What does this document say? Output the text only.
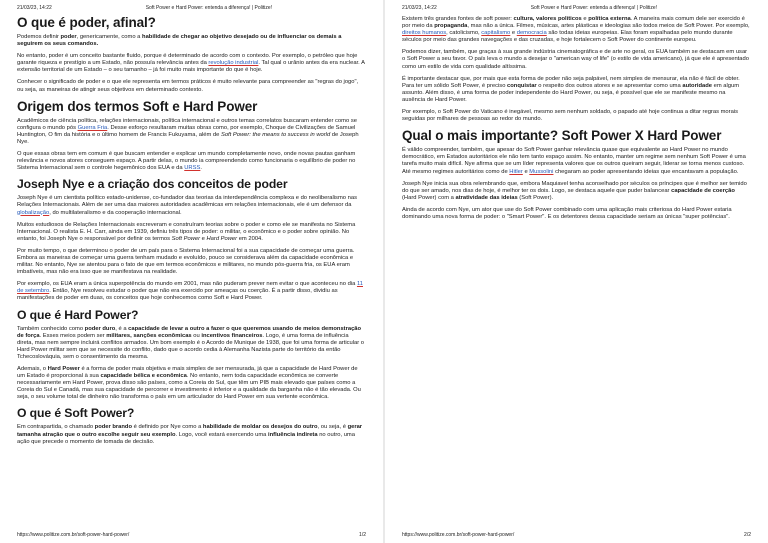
21/03/23, 14:22	Soft Power e Hard Power: entenda a diferença! | Politize!
O que é poder, afinal?

Podemos definir poder, genericamente, como a habilidade de chegar ao objetivo desejado ou de influenciar os demais a seguirem os seus comandos.

No entanto, poder é um conceito bastante fluido, porque é determinado de acordo com o contexto. Por exemplo, o petróleo que hoje garante riqueza e prestígio a um Estado, não possuía relevância antes da revolução industrial. Tal qual o urânio antes da era nuclear. A extensão territorial de um Estado – o seu tamanho – já foi muito mais importante do que é hoje.

Conhecer o significado de poder e o que ele representa em termos práticos é muito relevante para compreender as "regras do jogo", ou seja, as maneiras de atingir seus objetivos em determinado contexto.

Origem dos termos Soft e Hard Power

Acadêmicos de ciência política, relações internacionais, política internacional e outros temas correlatos buscaram entender como se configura o mundo pós Guerra Fria. Desse esforço resultaram muitas obras como, por exemplo, Choque de Civilizações de Samuel Huntington, O fim da história e o último homem de Francis Fukuyama, além de Soft Power: the means to success in world de Joseph Nye.

O que essas obras tem em comum é que buscam entender e explicar um mundo completamente novo, onde novas pautas ganham relevância e novos atores conseguem espaço. A partir delas, o mundo ia compreendendo como funcionaria o equilíbrio de poder no Sistema Internacional sem o controle hegemônico dos EUA e da URSS.

Joseph Nye e a criação dos conceitos de poder

Joseph Nye é um cientista político estado-unidense, co-fundador das teorias da interdependência complexa e do neoliberalismo nas Relações Internacionais. Além de ser uma das maiores autoridades acadêmicas em relações internacionais, ele é um defensor da globalização, do multilateralismo e da cooperação internacional.

Muitos estudiosos de Relações Internacionais escreveram e construíram teorias sobre o poder e como ele se manifesta no Sistema Internacional. O realista E. H. Carr, ainda em 1939, definiu três tipos de poder: o militar, o econômico e o poder sobre opinião. No entanto, foi Joseph Nye o responsável por definir os termos Soft Power e Hard Power em 2004.

Por muito tempo, o que determinou o poder de um país para o Sistema Internacional foi a sua capacidade de começar uma guerra. Embora as maneiras de começar uma guerra tenham mudado e evoluído, pouco se considerava além da capacidade econômica e militar. No entanto, Nye se atentou para o fato de que em termos econômicos e militares, no mundo pós-guerra fria, os EUA eram imbatíveis, mas não era isso que se manifestava na realidade.

Por exemplo, os EUA eram a única superpotência do mundo em 2001, mas não puderam prever nem evitar o que aconteceu no dia 11 de setembro. Então, Nye resolveu estudar o poder que não era exercido por ameaças ou coerção. É a partir disso, dividiu as manifestações de poder em duas, os conceitos que hoje conhecemos como Soft e Hard Power.

O que é Hard Power?

Também conhecido como poder duro, é a capacidade de levar a outro a fazer o que queremos usando de meios demonstração de força. Esses meios podem ser militares, sanções econômicas ou incentivos financeiros. Logo, é uma forma de influência direta, mas nem sempre incluirá conflitos armados. Um bom exemplo é o Acordo de Munique de 1938, que foi uma forma de articular o Hard Power militar sem que se necessite do conflito, dado que o acordo cedia à Alemanha Nazista parte do território da então Tchecoslováquia, sem o consentimento da mesma.

Ademais, o Hard Power é a forma de poder mais objetiva e mais simples de ser mensurada, já que a capacidade de Hard Power de um Estado é proporcional à sua capacidade bélica e econômica. No entanto, nem toda capacidade econômica se converte necessariamente em Hard Power, prova disso são países, como a Coreia do Sul, que têm um PIB mais elevado que países como a Coreia do Sul e Canadá, mas sua capacidade de percorrer e investimento é inferior e a qualidade da barganha não é tão elevada. Ou seja, o seu volume total de dinheiro não transforma o país em um articulador do Hard Power em sua vertente econômica.

O que é Soft Power?

Em contrapartida, o chamado poder brando é definido por Nye como a habilidade de moldar os desejos do outro, ou seja, é gerar tamanha atração que o outro escolhe seguir seu exemplo. Logo, você estará exercendo uma influência indireta no outro, uma ação que precede o momento de tomada de decisão.

https://www.politize.com.br/soft-power-hard-power/	1/2
21/03/23, 14:22	Soft Power e Hard Power: entenda a diferença! | Politize!

Existem três grandes fontes de soft power: cultura, valores políticos e política externa. A maneira mais comum dele ser exercido é por meio da propaganda, mas não a única. Filmes, músicas, artes plásticas e ideologias são todos meios de Soft Power. Por exemplo, direitos humanos, catolicismo, capitalismo e democracia são todas ideias europeias. Elas foram espalhadas pelo mundo durante séculos por meio das grandes navegações e das cruzadas, e hoje fortalecem o Soft Power do continente europeu.

Podemos dizer, também, que graças à sua grande indústria cinematográfica e de arte no geral, os EUA também se destacam em usar o Soft Power a seu favor. O país leva o mundo a desejar o "american way of life" (o estilo de vida americano), já que ele é apresentado como um estilo de vida com qualidade altíssima.

É importante destacar que, por mais que esta forma de poder não seja palpável, nem simples de mensurar, ela não é fácil de obter. Para ter um sólido Soft Power, é preciso conquistar o respeito dos outros atores e se apresentar como uma autoridade em algum assunto. Além disso, é uma forma de poder independente do Hard Power, ou seja, é possível que ele se manifeste mesmo na ausência de Hard Power.

Por exemplo, o Soft Power do Vaticano é inegável, mesmo sem nenhum soldado, o papado até hoje continua a ditar regras morais seguidas por milhares de pessoas ao redor do mundo.

Qual o mais importante? Soft Power X Hard Power

É válido compreender, também, que apesar do Soft Power ganhar relevância quase que equivalente ao Hard Power no mundo democrático, em Estados autoritários ele não tem tanto espaço assim. No entanto, manter um regime sem nenhum Soft Power é uma tarefa muito mais difícil. Nye afirma que se um líder representa valores que os outros queiram seguir, liderar se torna menos custoso. Até mesmo regimes autoritários como de Hitler e Mussolini chegaram ao poder apresentando ideias que encantavam a população.

Joseph Nye inicia sua obra relembrando que, embora Maquiavel tenha aconselhado por séculos os príncipes que é melhor ser temido do que ser amado, nos dias de hoje, é melhor ter os dois. Logo, se destaca aquele que puder balancear capacidade de coerção (Hard Power) com a atratividade das ideias (Soft Power).

Ainda de acordo com Nye, um ator que use do Soft Power combinado com uma aplicação mais criteriosa do Hard Power estaria dominando uma nova forma de poder: o "Smart Power". E os detentores dessa capacidade seriam as únicas "super potências".

https://www.politize.com.br/soft-power-hard-power/	2/2
